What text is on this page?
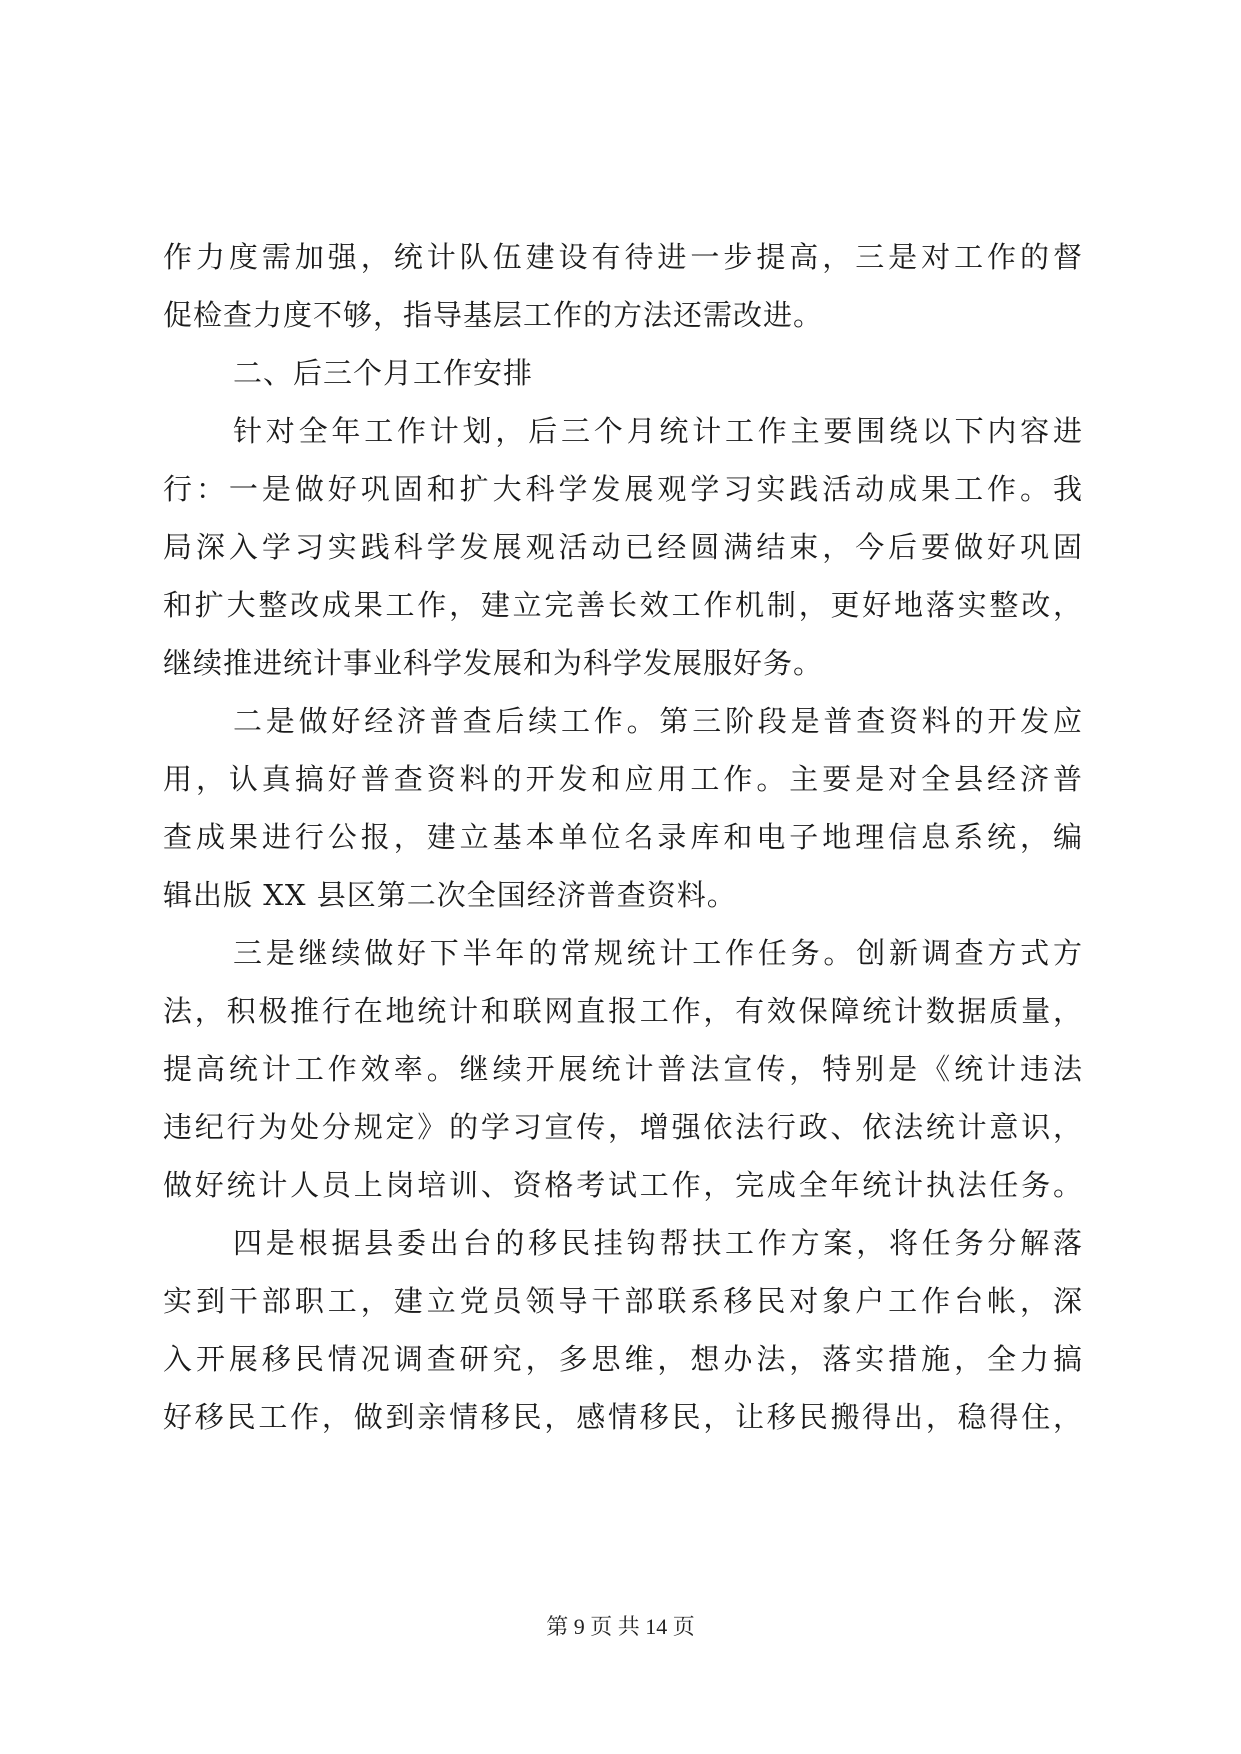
作力度需加强，统计队伍建设有待进一步提高，三是对工作的督
促检查力度不够，指导基层工作的方法还需改进。
二、后三个月工作安排
针对全年工作计划，后三个月统计工作主要围绕以下内容进
行：一是做好巩固和扩大科学发展观学习实践活动成果工作。我
局深入学习实践科学发展观活动已经圆满结束，今后要做好巩固
和扩大整改成果工作，建立完善长效工作机制，更好地落实整改，
继续推进统计事业科学发展和为科学发展服好务。
二是做好经济普查后续工作。第三阶段是普查资料的开发应
用，认真搞好普查资料的开发和应用工作。主要是对全县经济普
查成果进行公报，建立基本单位名录库和电子地理信息系统，编
辑出版 XX 县区第二次全国经济普查资料。
三是继续做好下半年的常规统计工作任务。创新调查方式方
法，积极推行在地统计和联网直报工作，有效保障统计数据质量，
提高统计工作效率。继续开展统计普法宣传，特别是《统计违法
违纪行为处分规定》的学习宣传，增强依法行政、依法统计意识，
做好统计人员上岗培训、资格考试工作，完成全年统计执法任务。
四是根据县委出台的移民挂钩帮扶工作方案，将任务分解落
实到干部职工，建立党员领导干部联系移民对象户工作台帐，深
入开展移民情况调查研究，多思维，想办法，落实措施，全力搞
好移民工作，做到亲情移民，感情移民，让移民搬得出，稳得住，
第 9 页 共 14 页
